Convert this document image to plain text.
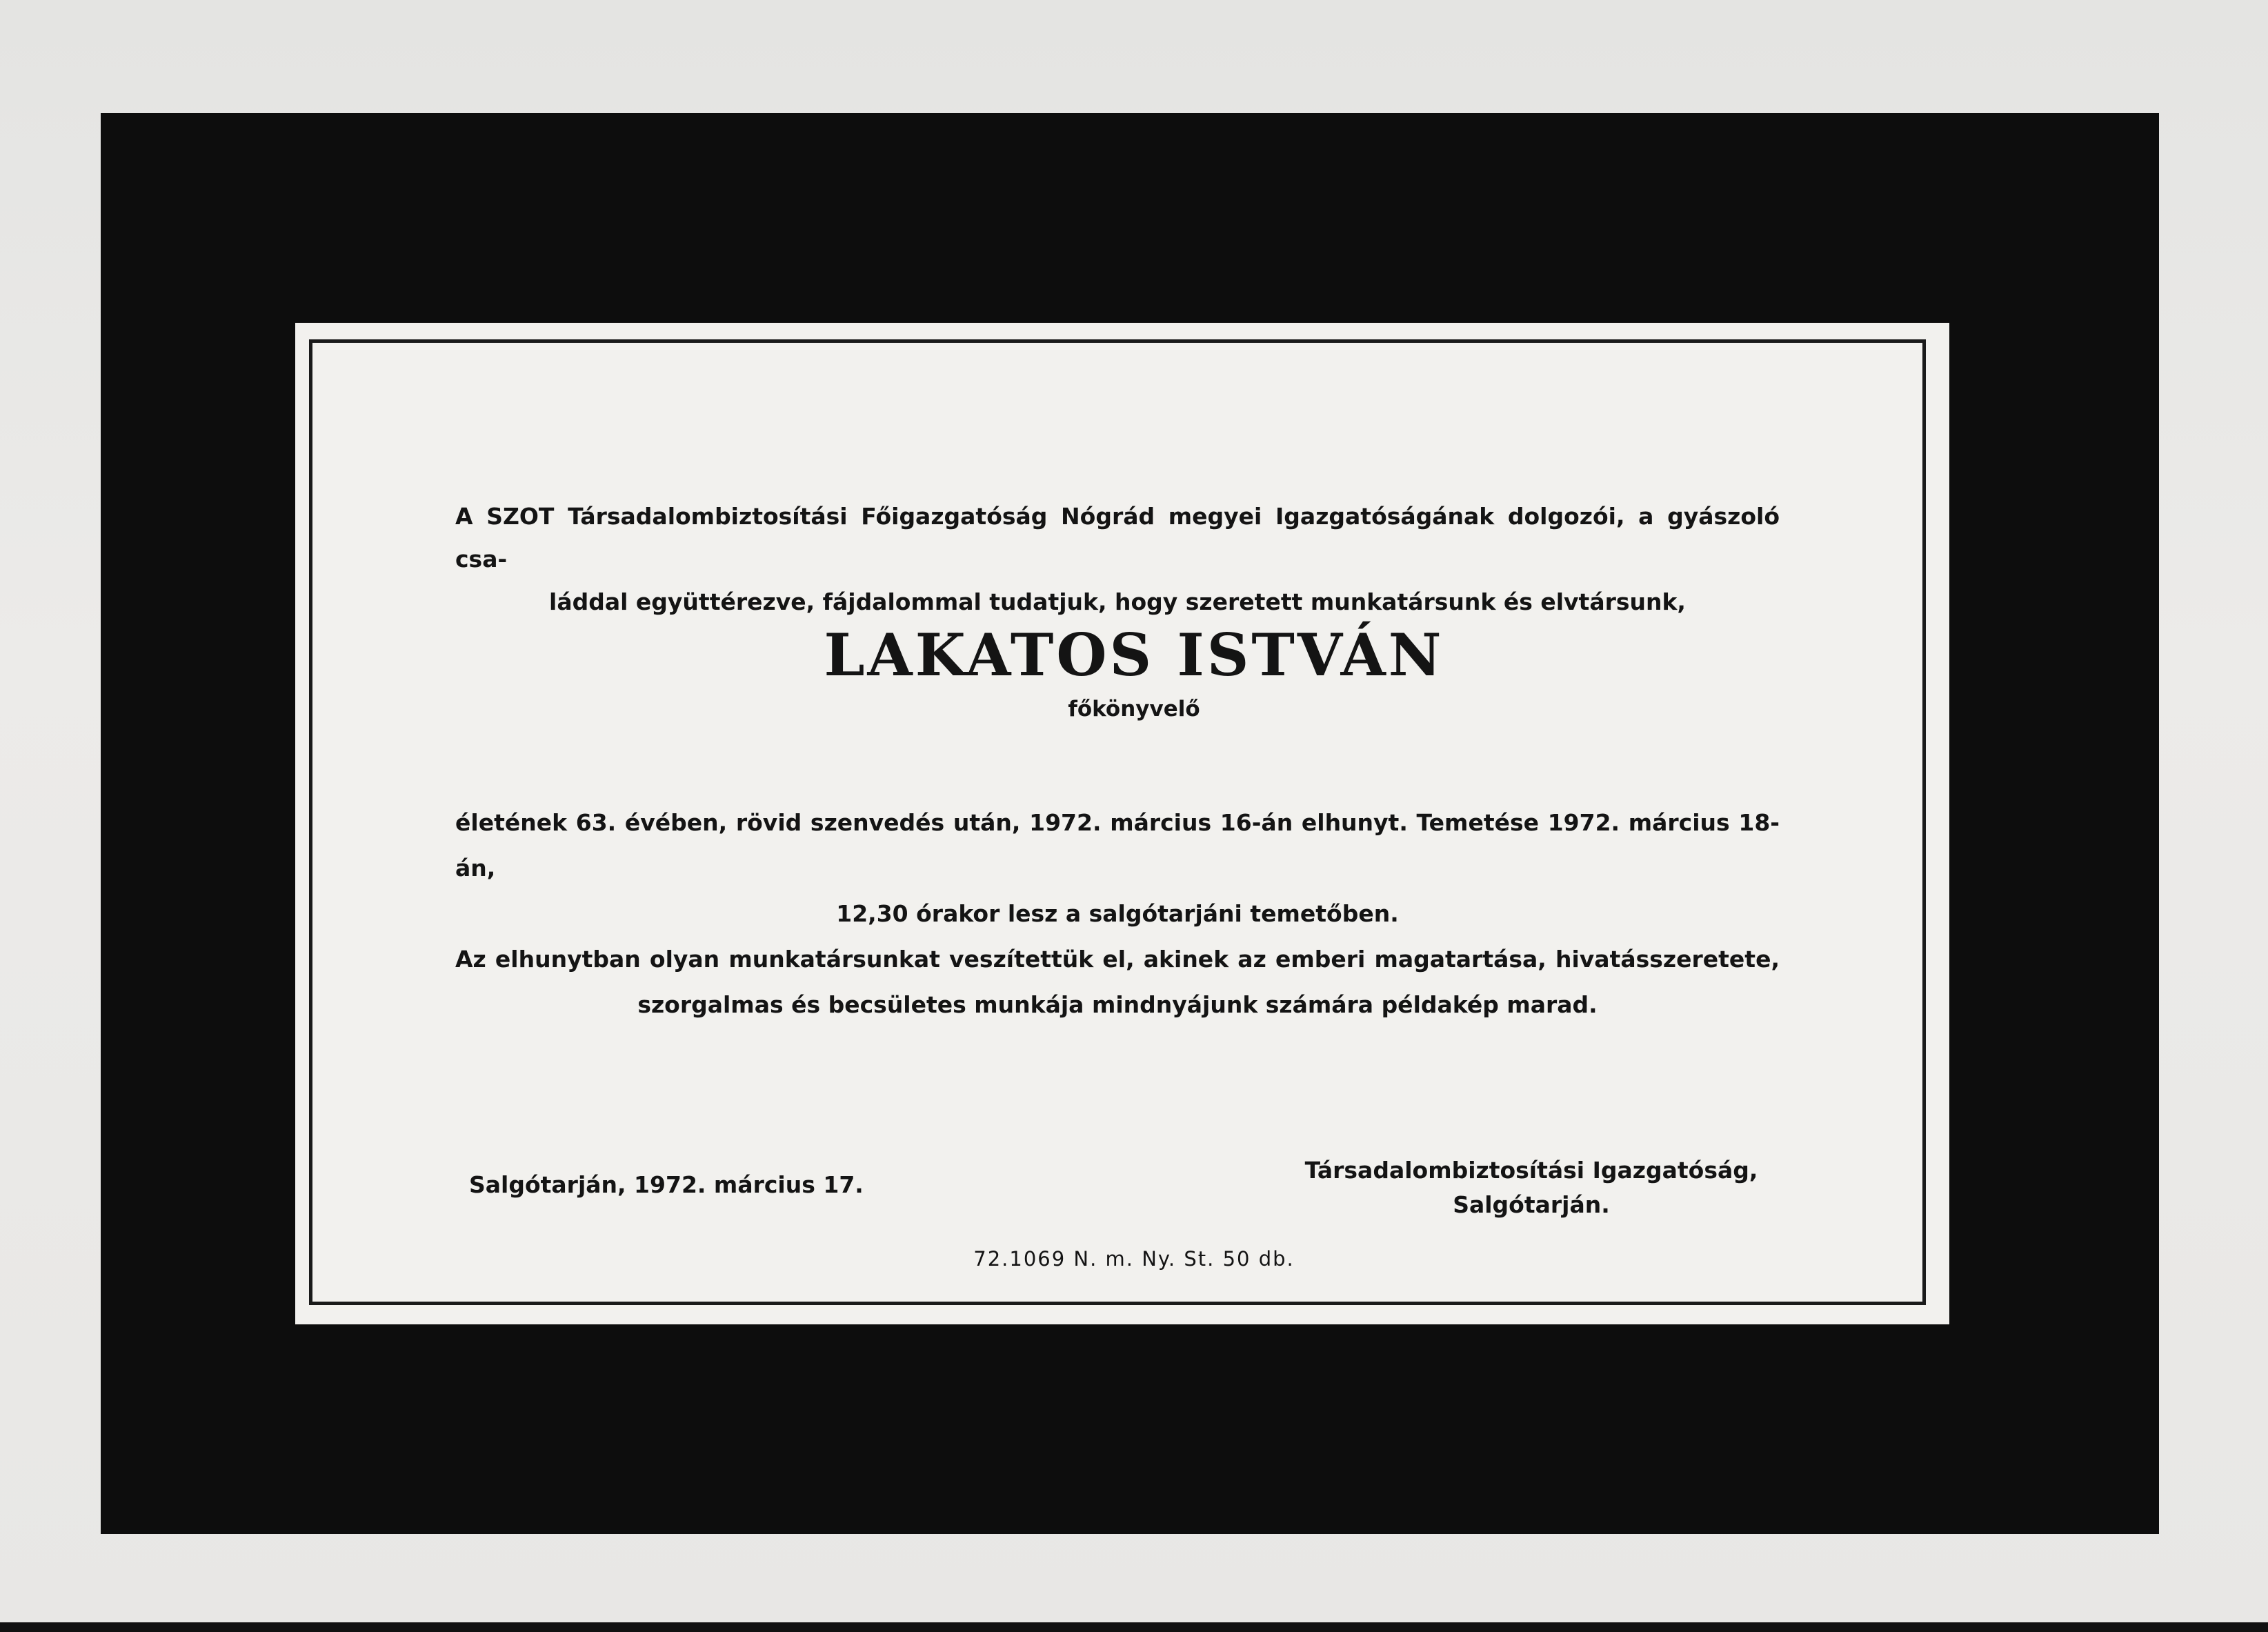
A SZOT Társadalombiztosítási Főigazgatóság Nógrád megyei Igazgatóságának dolgozói, a gyászoló csa-
láddal együttérezve, fájdalommal tudatjuk, hogy szeretett munkatársunk és elvtársunk,
LAKATOS ISTVÁN
főkönyvelő
életének 63. évében, rövid szenvedés után, 1972. március 16-án elhunyt. Temetése 1972. március 18-án,
12,30 órakor lesz a salgótarjáni temetőben.
Az elhunytban olyan munkatársunkat veszítettük el, akinek az emberi magatartása, hivatásszeretete,
szorgalmas és becsületes munkája mindnyájunk számára példakép marad.
Salgótarján, 1972. március 17.
Társadalombiztosítási Igazgatóság,
Salgótarján.
72.1069 N. m. Ny. St. 50 db.
